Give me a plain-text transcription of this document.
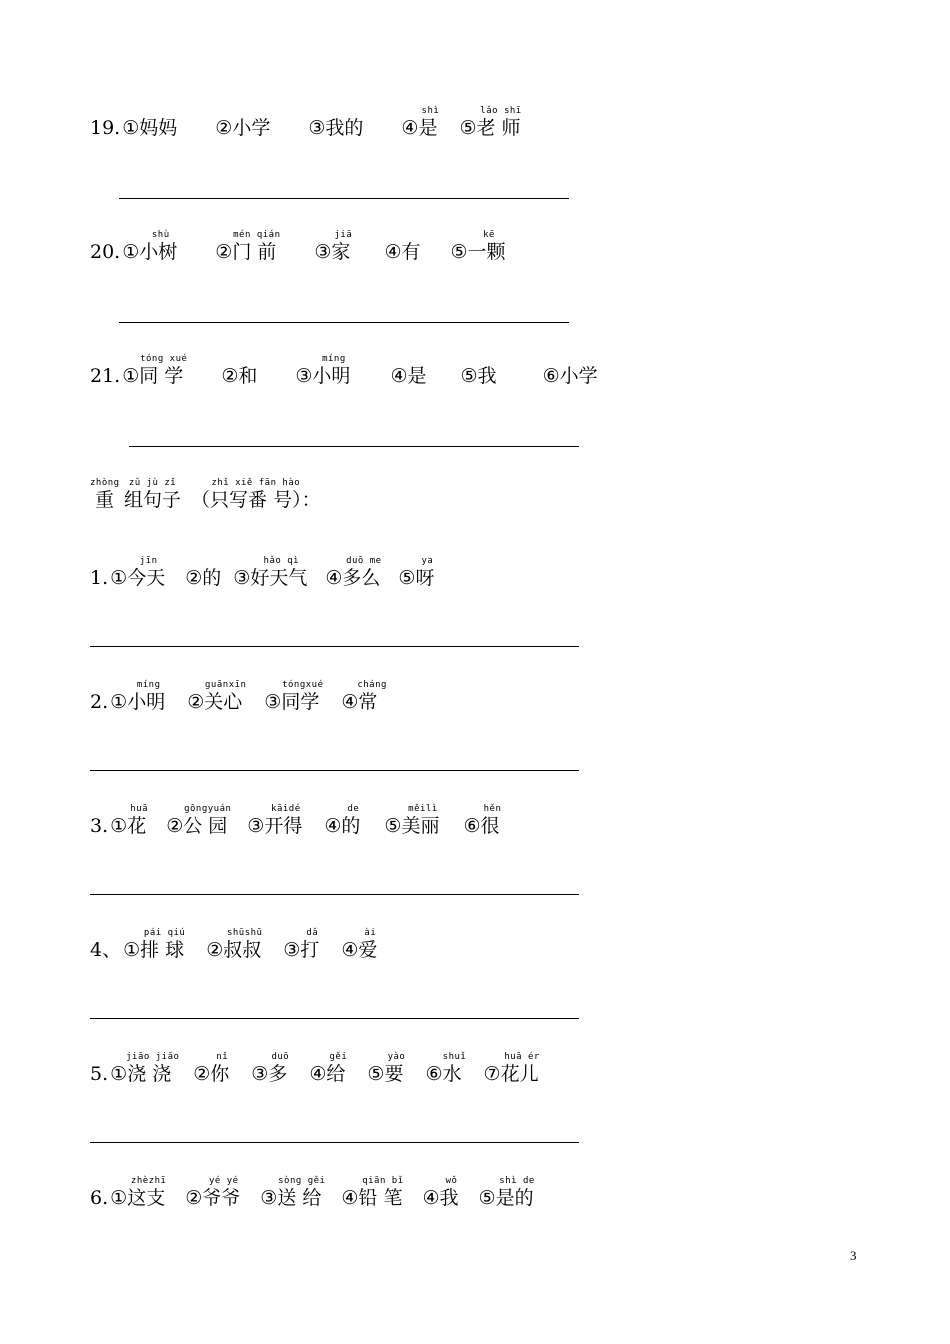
19. ① 妈妈 ② 小学 ③ 我的 ④ 是
shì
⑤ 老 师
lǎo shī
20. ① 小树
shù
② 门 前
mén qián
③ 家
jiā
④ 有 ⑤ 一颗
kē
21. ① 同 学
tóng xué
② 和 ③ 小明
míng
④ 是 ⑤ 我 ⑥ 小学
重
zhòng
组句子
zǔ jù zǐ
（只写番 号）：
zhǐ xiě fān hào
1. ① 今天
jīn
② 的 ③ 好天气
hǎo qì
④ 多么
duō me
⑤ 呀
ya
2. ① 小明
míng
② 关心
guānxīn
③ 同学
tóngxué
④ 常
cháng
3. ① 花
huā
② 公 园
gōngyuán
③ 开得
kāidé
④ 的
de
⑤ 美丽
měilì
⑥ 很
hěn
4、 ① 排 球
pái qiú
② 叔叔
shūshū
③ 打
dǎ
④ 爱
ài
5. ① 浇 浇
jiāo jiāo
② 你
nǐ
③ 多
duō
④ 给
gěi
⑤ 要
yào
⑥ 水
shuǐ
⑦ 花儿
huā ér
6. ① 这支
zhèzhī
② 爷爷
yé yé
③ 送 给
sòng gěi
④ 铅 笔
qiān bǐ
④ 我
wǒ
⑤ 是的
shì de
3
